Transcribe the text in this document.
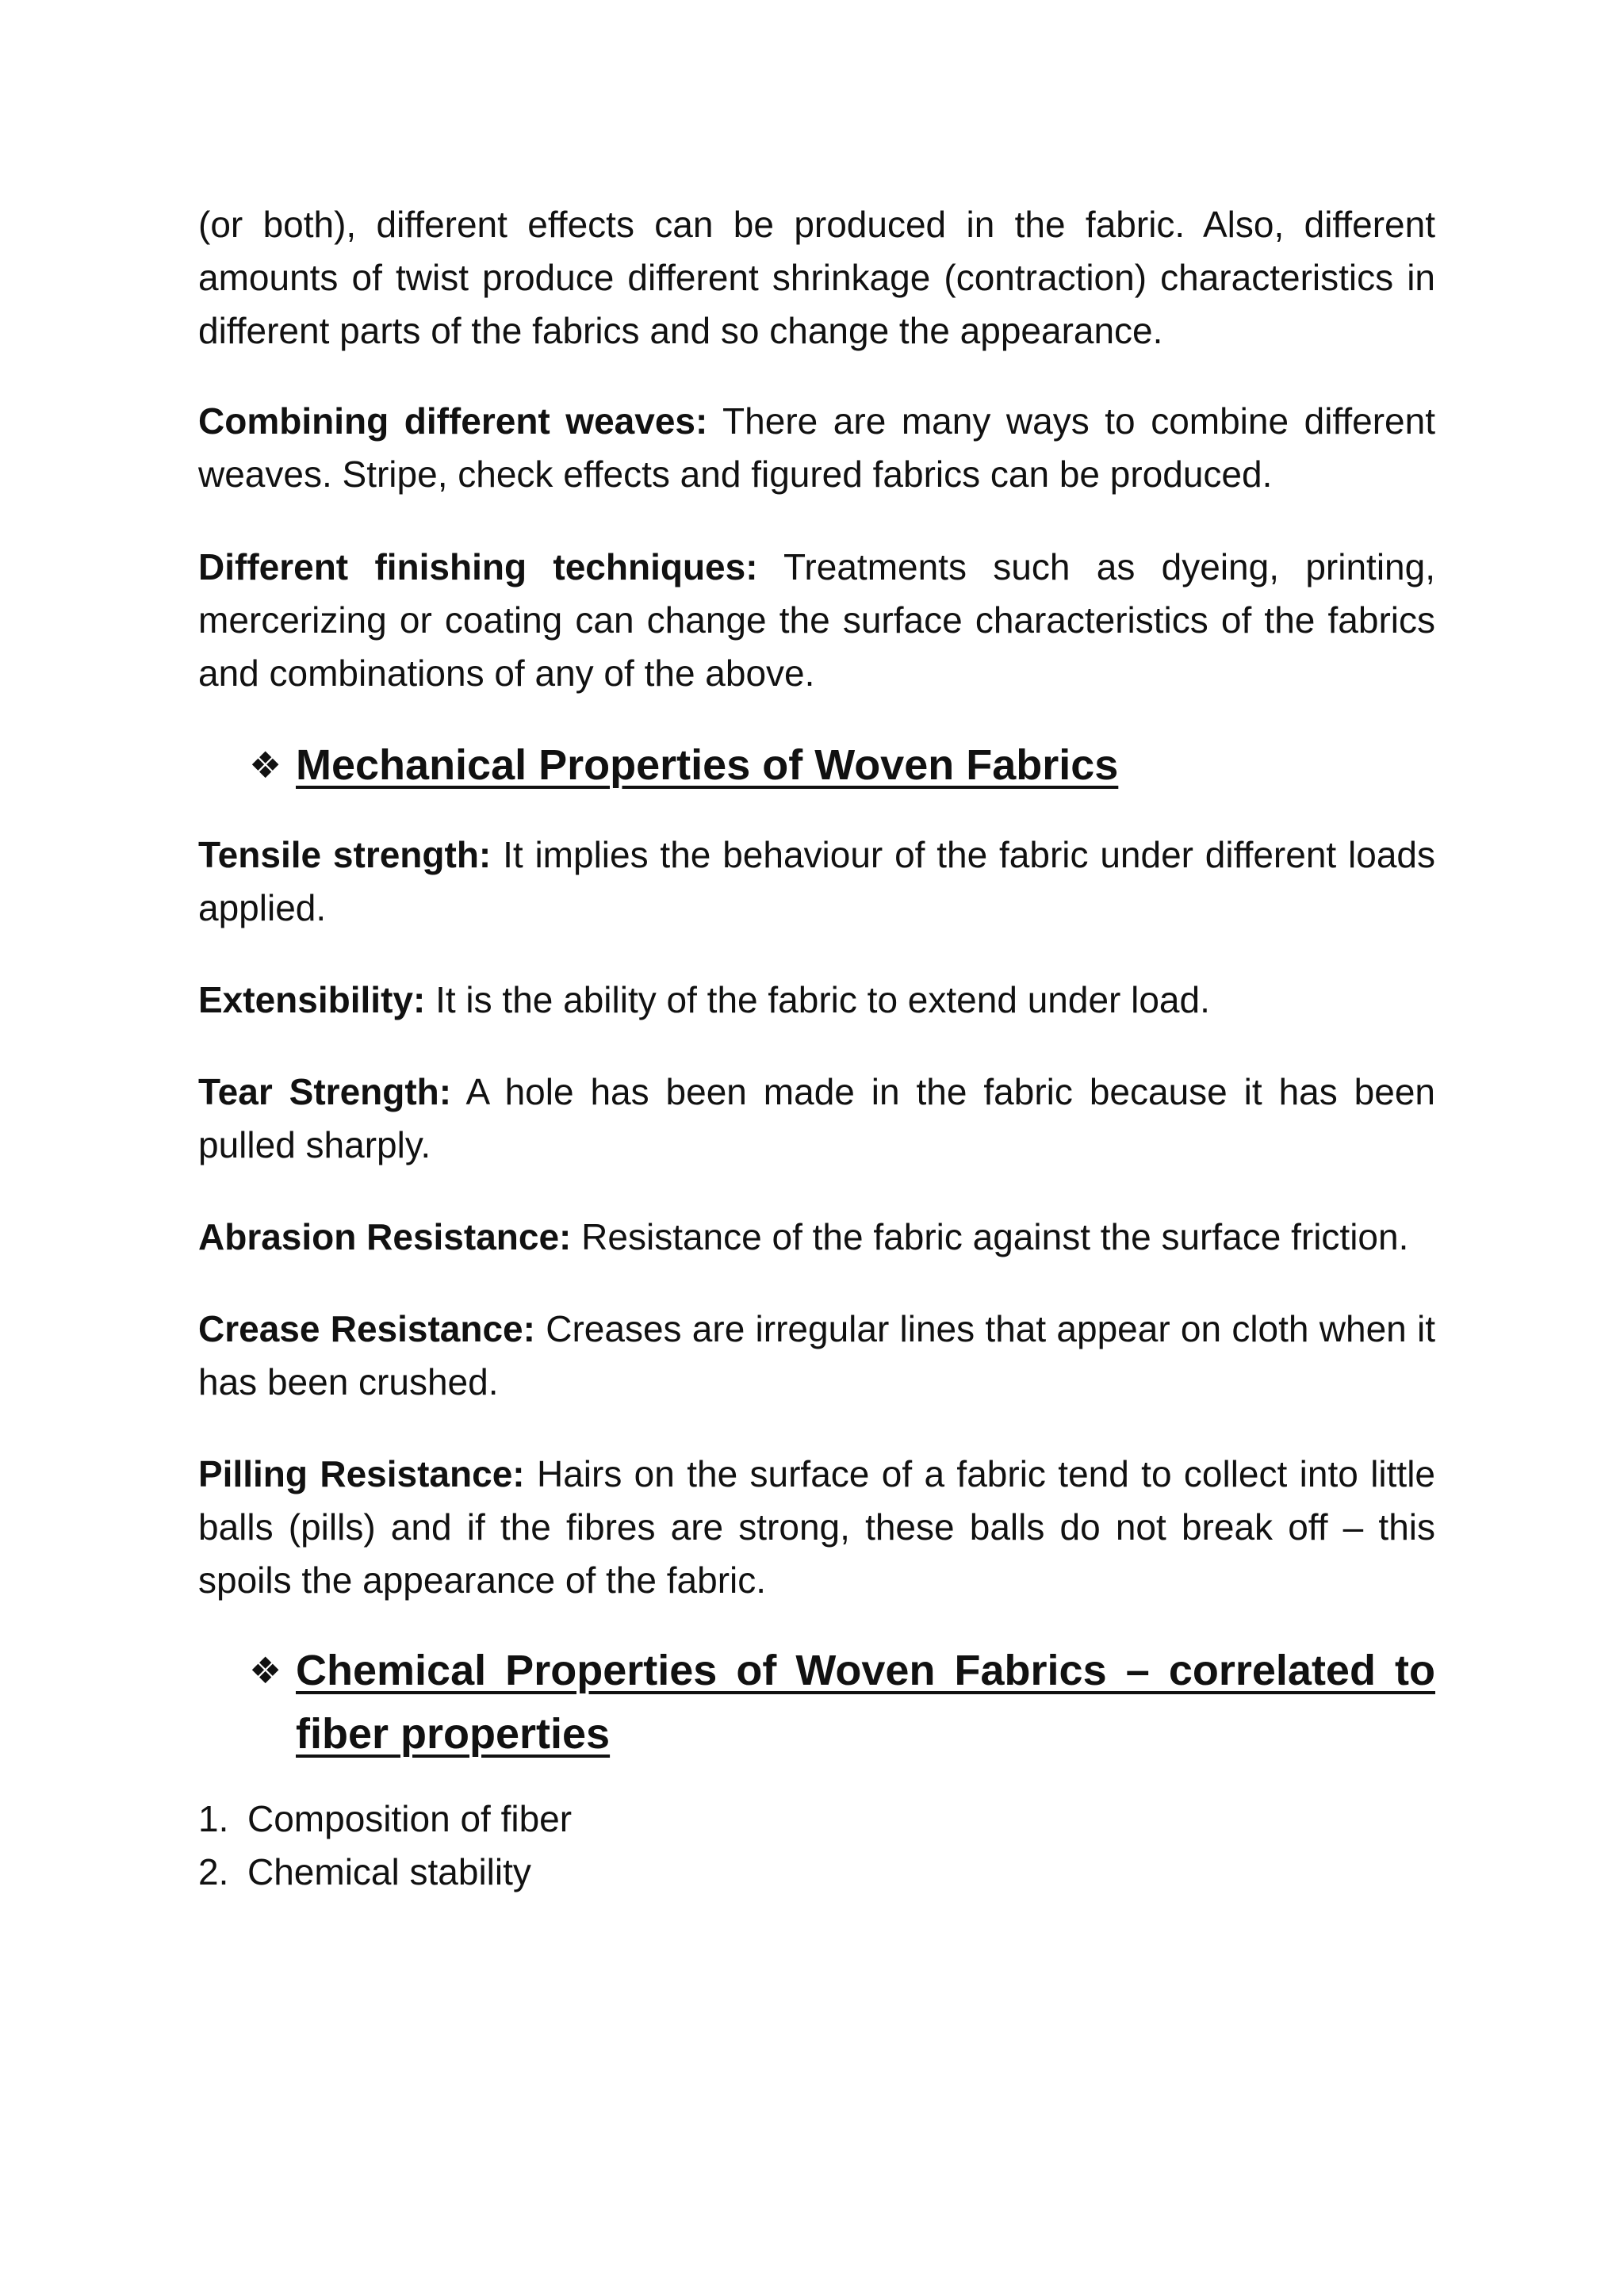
(or both), different effects can be produced in the fabric. Also, different amounts of twist produce different shrinkage (contraction) characteristics in different parts of the fabrics and so change the appearance.

Combining different weaves: There are many ways to combine different weaves. Stripe, check effects and figured fabrics can be produced.

Different finishing techniques: Treatments such as dyeing, printing, mercerizing or coating can change the surface characteristics of the fabrics and combinations of any of the above.

❖ Mechanical Properties of Woven Fabrics

Tensile strength: It implies the behaviour of the fabric under different loads applied.

Extensibility: It is the ability of the fabric to extend under load.

Tear Strength: A hole has been made in the fabric because it has been pulled sharply.

Abrasion Resistance: Resistance of the fabric against the surface friction.

Crease Resistance: Creases are irregular lines that appear on cloth when it has been crushed.

Pilling Resistance: Hairs on the surface of a fabric tend to collect into little balls (pills) and if the fibres are strong, these balls do not break off – this spoils the appearance of the fabric.

❖ Chemical Properties of Woven Fabrics – correlated to fiber properties
1. Composition of fiber
2. Chemical stability
